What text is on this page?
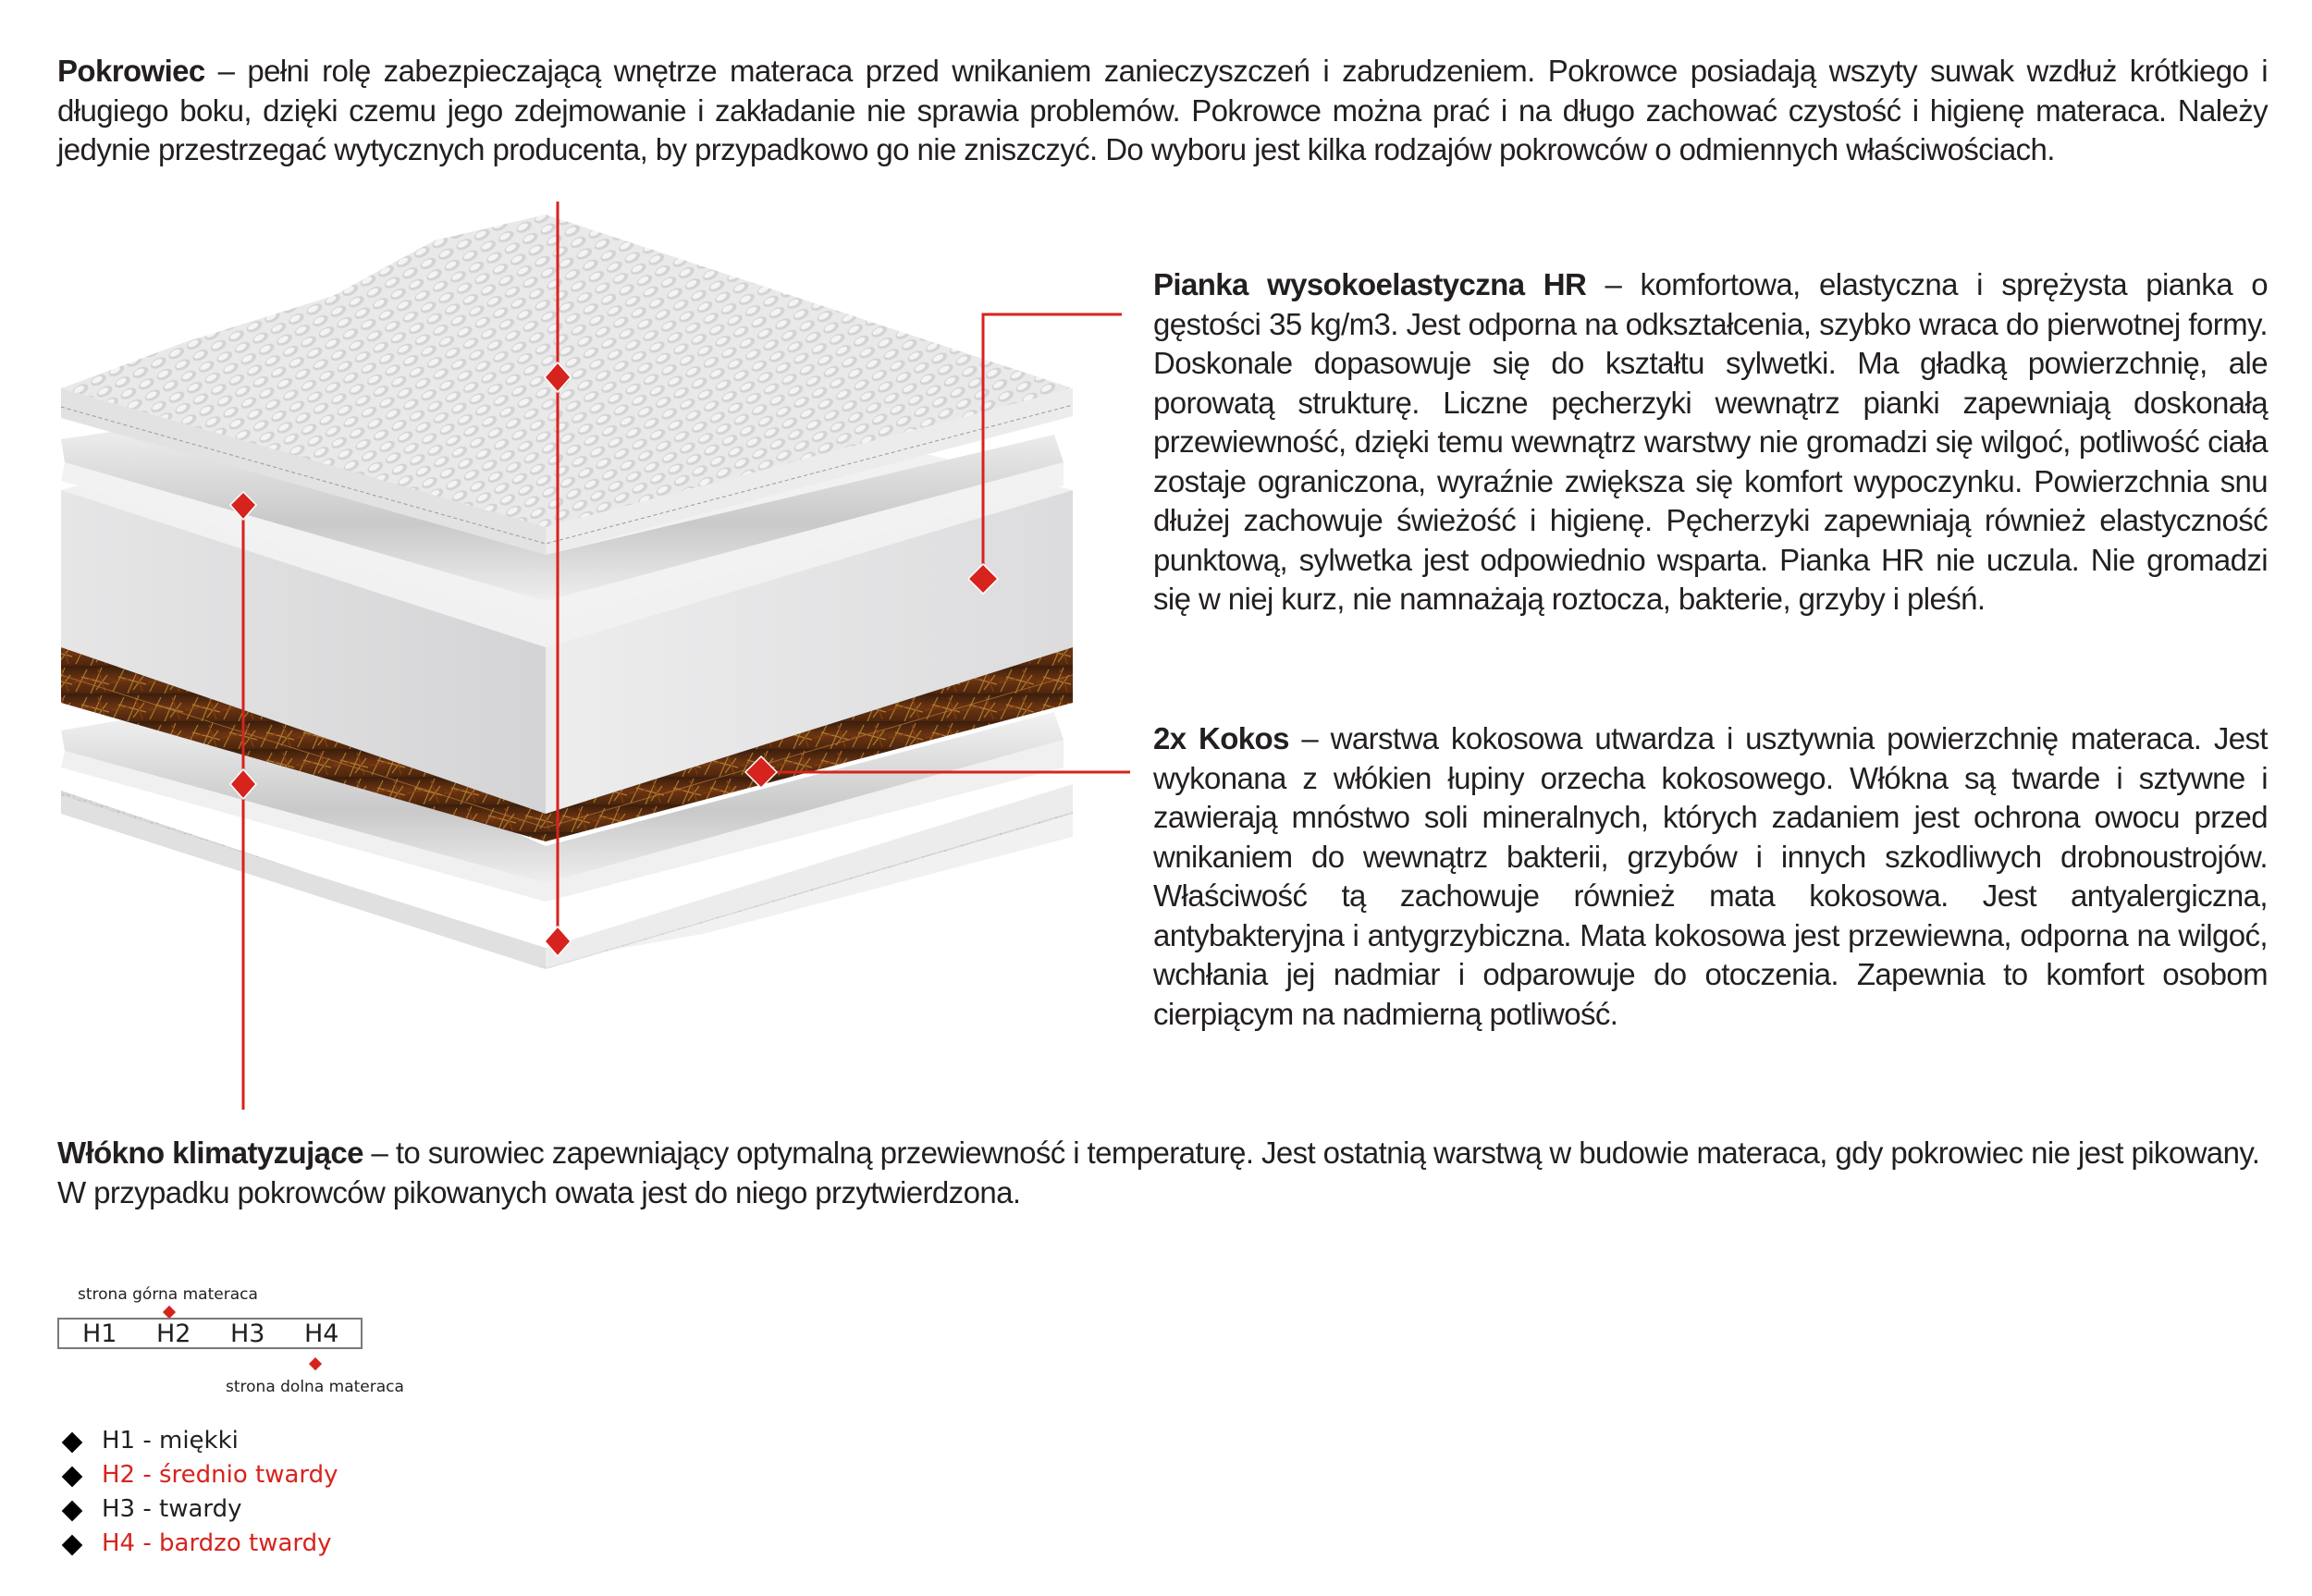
Pokrowiec – pełni rolę zabezpieczającą wnętrze materaca przed wnikaniem zanieczyszczeń i zabrudzeniem. Pokrowce posiadają wszyty suwak wzdłuż krótkiego i długiego boku, dzięki czemu jego zdejmowanie i zakładanie nie sprawia problemów. Pokrowce można prać i na długo zachować czystość i higienę materaca. Należy jedynie przestrzegać wytycznych producenta, by przypadkowo go nie zniszczyć. Do wyboru jest kilka rodzajów pokrowców o odmiennych właściwościach.

Pianka wysokoelastyczna HR – komfortowa, elastyczna i sprężysta pianka o gęstości 35 kg/m3. Jest odporna na odkształcenia, szybko wraca do pierwotnej formy. Doskonale dopasowuje się do kształtu sylwetki. Ma gładką powierzchnię, ale porowatą strukturę. Liczne pęcherzyki wewnątrz pianki zapewniają doskonałą przewiewność, dzięki temu wewnątrz warstwy nie gromadzi się wilgoć, potliwość ciała zostaje ograniczona, wyraźnie zwiększa się komfort wypoczynku. Powierzchnia snu dłużej zachowuje świeżość i higienę. Pęcherzyki zapewniają również elastyczność punktową, sylwetka jest odpowiednio wsparta. Pianka HR nie uczula. Nie gromadzi się w niej kurz, nie namnażają roztocza, bakterie, grzyby i pleśń.

2x Kokos – warstwa kokosowa utwardza i usztywnia powierzchnię materaca. Jest wykonana z włókien łupiny orzecha kokosowego. Włókna są twarde i sztywne i zawierają mnóstwo soli mineralnych, których zadaniem jest ochrona owocu przed wnikaniem do wewnątrz bakterii, grzybów i innych szkodliwych drobnoustrojów. Właściwość tą zachowuje również mata kokosowa. Jest antyalergiczna, antybakteryjna i antygrzybiczna. Mata kokosowa jest przewiewna, odporna na wilgoć, wchłania jej nadmiar i odparowuje do otoczenia. Zapewnia to komfort osobom cierpiącym na nadmierną potliwość.

Włókno klimatyzujące – to surowiec zapewniający optymalną przewiewność i temperaturę. Jest ostatnią warstwą w budowie materaca, gdy pokrowiec nie jest pikowany. W przypadku pokrowców pikowanych owata jest do niego przytwierdzona.

strona górna materaca
H1 H2 H3 H4
strona dolna materaca
H1 - miękki
H2 - średnio twardy
H3 - twardy
H4 - bardzo twardy
